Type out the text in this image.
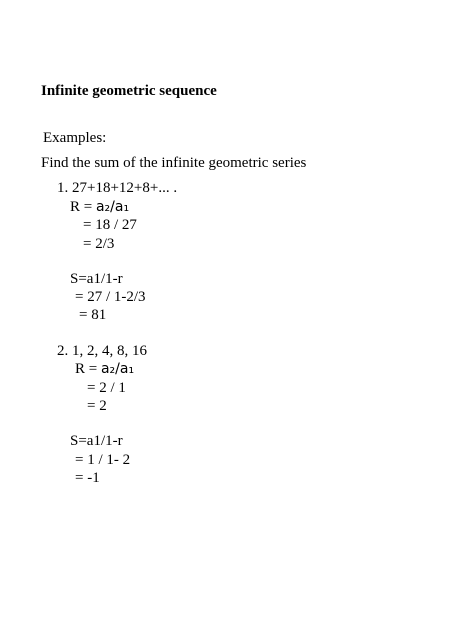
Infinite geometric sequence
Examples:
Find the sum of the infinite geometric series
1. 27+18+12+8+... .
R = a₂/a₁
= 18 / 27
= 2/3
S=a1/1-r
= 27 / 1-2/3
= 81
2. 1, 2, 4, 8, 16
R = a₂/a₁
= 2 / 1
= 2
S=a1/1-r
= 1 / 1- 2
= -1
